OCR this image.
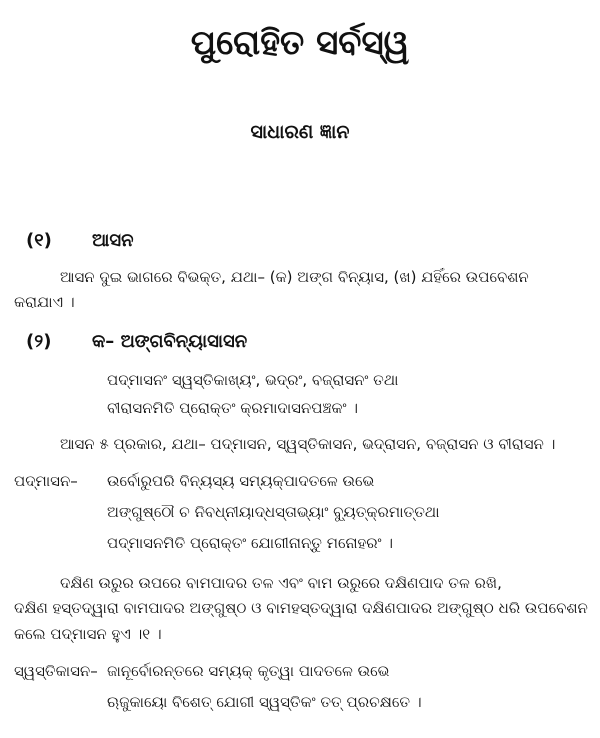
ପୁରୋହିତ ସର୍ବସ୍ୱ
ସାଧାରଣ ଜ୍ଞାନ
(୧) ଆସନ
ଆସନ ଦୁଇ ଭାଗରେ ବିଭକ୍ତ, ଯଥା– (କ) ଅଙ୍ଗ ବିନ୍ୟାସ, (ଖ) ଯହିଁରେ ଉପବେଶନ
କରାଯାଏ ।
(୨) କ– ଅଙ୍ଗବିନ୍ୟାସାସନ
ପଦ୍ମାସନଂ ସ୍ୱସ୍ତିକାଖ୍ୟଂ, ଭଦ୍ରଂ, ବଜ୍ରାସନଂ ତଥା
ବୀରାସନମିତି ପ୍ରୋକ୍ତଂ କ୍ରମାଦାସନପଞ୍ଚକଂ ।
ଆସନ ୫ ପ୍ରକାର, ଯଥା– ପଦ୍ମାସନ, ସ୍ୱସ୍ତିକାସନ, ଭଦ୍ରାସନ, ବଜ୍ରାସନ ଓ ବୀରାସନ ।
ପଦ୍ମାସନ– ଉର୍ବୋରୁପରି ବିନ୍ୟସ୍ୟ ସମ୍ୟକ୍‌ପାଦତଳେ ଉଭେ
ଅଙ୍ଗୁଷ୍ଠୌ ଚ ନିବଧ୍ନୀୟାଦ୍ଧସ୍ତାଭ୍ୟାଂ ବ୍ୟୁତ୍‌କ୍ରମାତ୍ତଥା
ପଦ୍ମାସନମିତି ପ୍ରୋକ୍ତଂ ଯୋଗୀନାନ୍ତୁ ମନୋହରଂ ।
ଦକ୍ଷିଣ ଉରୁର ଉପରେ ବାମପାଦର ତଳ ଏବଂ ବାମ ଉରୁରେ ଦକ୍ଷିଣପାଦ ତଳ ରଖି,
ଦକ୍ଷିଣ ହସ୍ତଦ୍ୱାରା ବାମପାଦର ଅଙ୍ଗୁଷ୍ଠ ଓ ବାମହସ୍ତଦ୍ୱାରା ଦକ୍ଷିଣପାଦର ଅଙ୍ଗୁଷ୍ଠ ଧରି ଉପବେଶନ
କଲେ ପଦ୍ମାସନ ହୁଏ ।୧ ।
ସ୍ୱସ୍ତିକାସନ– ଜାନୂର୍ବୋରନ୍ତରେ ସମ୍ୟକ୍ କୃତ୍ୱା ପାଦତଳେ ଉଭେ
ଋଜୁକାୟୋ ବିଶେତ୍ ଯୋଗୀ ସ୍ୱସ୍ତିକଂ ତତ୍ ପ୍ରଚକ୍ଷତେ ।
